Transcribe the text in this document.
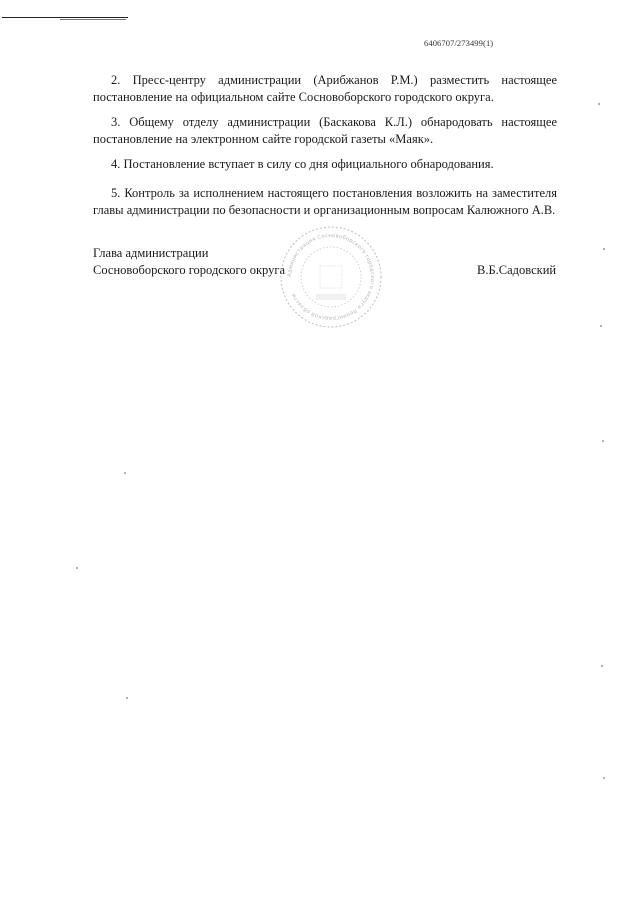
6406707/273499(1)
2. Пресс-центру администрации (Арибжанов Р.М.) разместить настоящее
постановление на официальном сайте Сосновоборского городского округа.
3. Общему отделу администрации (Баскакова К.Л.) обнародовать настоящее
постановление на электронном сайте городской газеты «Маяк».
4. Постановление вступает в силу со дня официального обнародования.
5. Контроль за исполнением настоящего постановления возложить на заместителя
главы администрации по безопасности и организационным вопросам Калюжного А.В.
Глава администрации
Сосновоборского городского округа	В.Б.Садовский
Администрация Сосновоборского городского округа Ленинградской области
